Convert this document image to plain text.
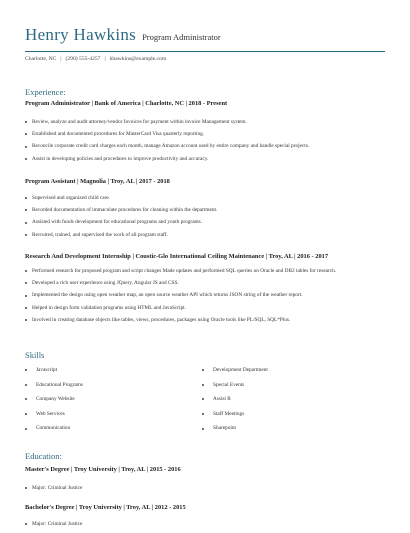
Henry Hawkins Program Administrator
Charlotte, NC | (290) 555-4257 | hhawkins@example.com
Experience:
Program Administrator | Bank of America | Charlotte, NC | 2018 - Present
Review, analyze and audit attorney/vendor Invoices for payment within invoice Management system.
Established and documented procedures for MasterCard Visa quarterly reporting.
Reconcile corporate credit card charges each month, manage Amazon account used by entire company and handle special projects.
Assist in developing policies and procedures to improve productivity and accuracy.
Program Assistant | Magnolia | Troy, AL | 2017 - 2018
Supervised and organized child care.
Recorded documentation of immaculate procedures for cleaning within the department.
Assisted with funds development for educational programs and youth programs.
Recruited, trained, and supervised the work of all program staff.
Research And Development Internship | Coustic-Glo International Ceiling Maintenance | Troy, AL | 2016 - 2017
Performed research for proposed program and script changes Made updates and performed SQL queries on Oracle and DB2 tables for research.
Developed a rich user experience using JQuery, Angular JS and CSS.
Implemented the design using open weather map, an open source weather API which returns JSON string of the weather report.
Helped in design form validation programs using HTML and JavaScript.
Involved in creating database objects like tables, views, procedures, packages using Oracle tools like PL/SQL, SQL*Plus.
Skills
Javascript
Educational Programs
Company Website
Web Services
Communication
Development Department
Special Events
Assist R
Staff Meetings
Sharepoint
Education:
Master's Degree | Troy University | Troy, AL | 2015 - 2016
Major: Criminal Justice
Bachelor's Degree | Troy University | Troy, AL | 2012 - 2015
Major: Criminal Justice
